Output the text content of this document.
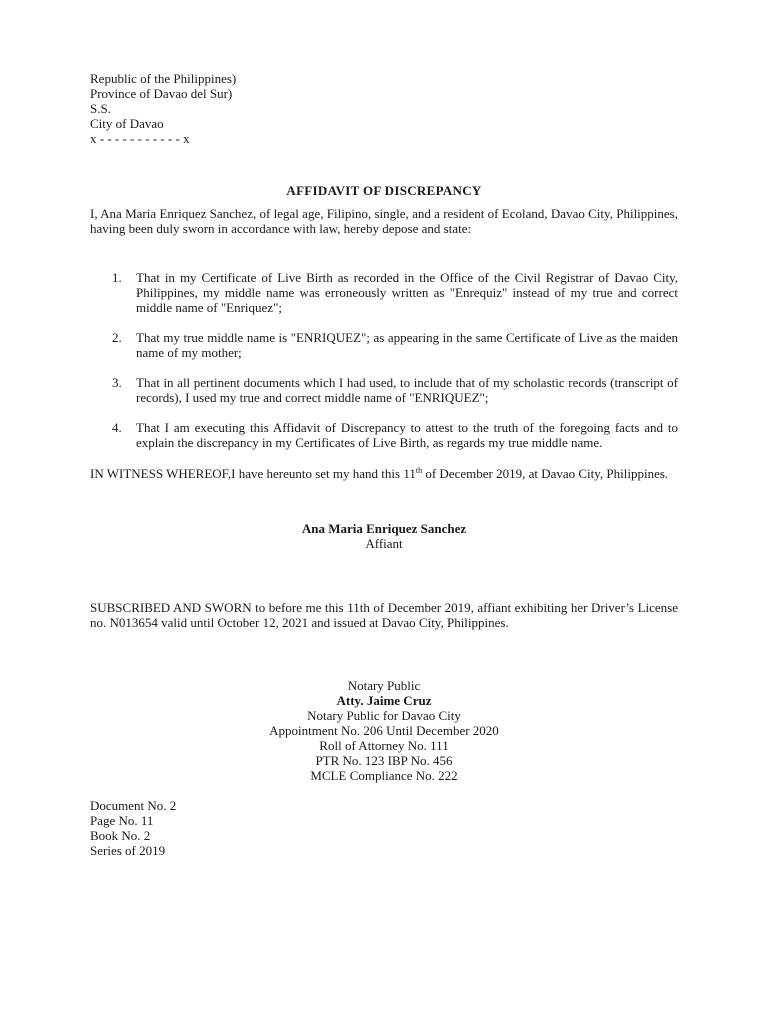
Republic of the Philippines)
Province of Davao del Sur)
S.S.
City of Davao
x - - - - - - - - - - - x
AFFIDAVIT OF DISCREPANCY
I, Ana Maria Enriquez Sanchez, of legal age, Filipino, single, and a resident of Ecoland, Davao City, Philippines, having been duly sworn in accordance with law, hereby depose and state:
1. That in my Certificate of Live Birth as recorded in the Office of the Civil Registrar of Davao City, Philippines, my middle name was erroneously written as "Enrequiz" instead of my true and correct middle name of "Enriquez";
2. That my true middle name is "ENRIQUEZ"; as appearing in the same Certificate of Live as the maiden name of my mother;
3. That in all pertinent documents which I had used, to include that of my scholastic records (transcript of records), I used my true and correct middle name of "ENRIQUEZ";
4. That I am executing this Affidavit of Discrepancy to attest to the truth of the foregoing facts and to explain the discrepancy in my Certificates of Live Birth, as regards my true middle name.
IN WITNESS WHEREOF,I have hereunto set my hand this 11th of December 2019, at Davao City, Philippines.
Ana Maria Enriquez Sanchez
Affiant
SUBSCRIBED AND SWORN to before me this 11th of December 2019, affiant exhibiting her Driver’s License no. N013654 valid until October 12, 2021 and issued at Davao City, Philippines.
Notary Public
Atty. Jaime Cruz
Notary Public for Davao City
Appointment No. 206 Until December 2020
Roll of Attorney No. 111
PTR No. 123 IBP No. 456
MCLE Compliance No. 222
Document No. 2
Page No. 11
Book No. 2
Series of 2019
